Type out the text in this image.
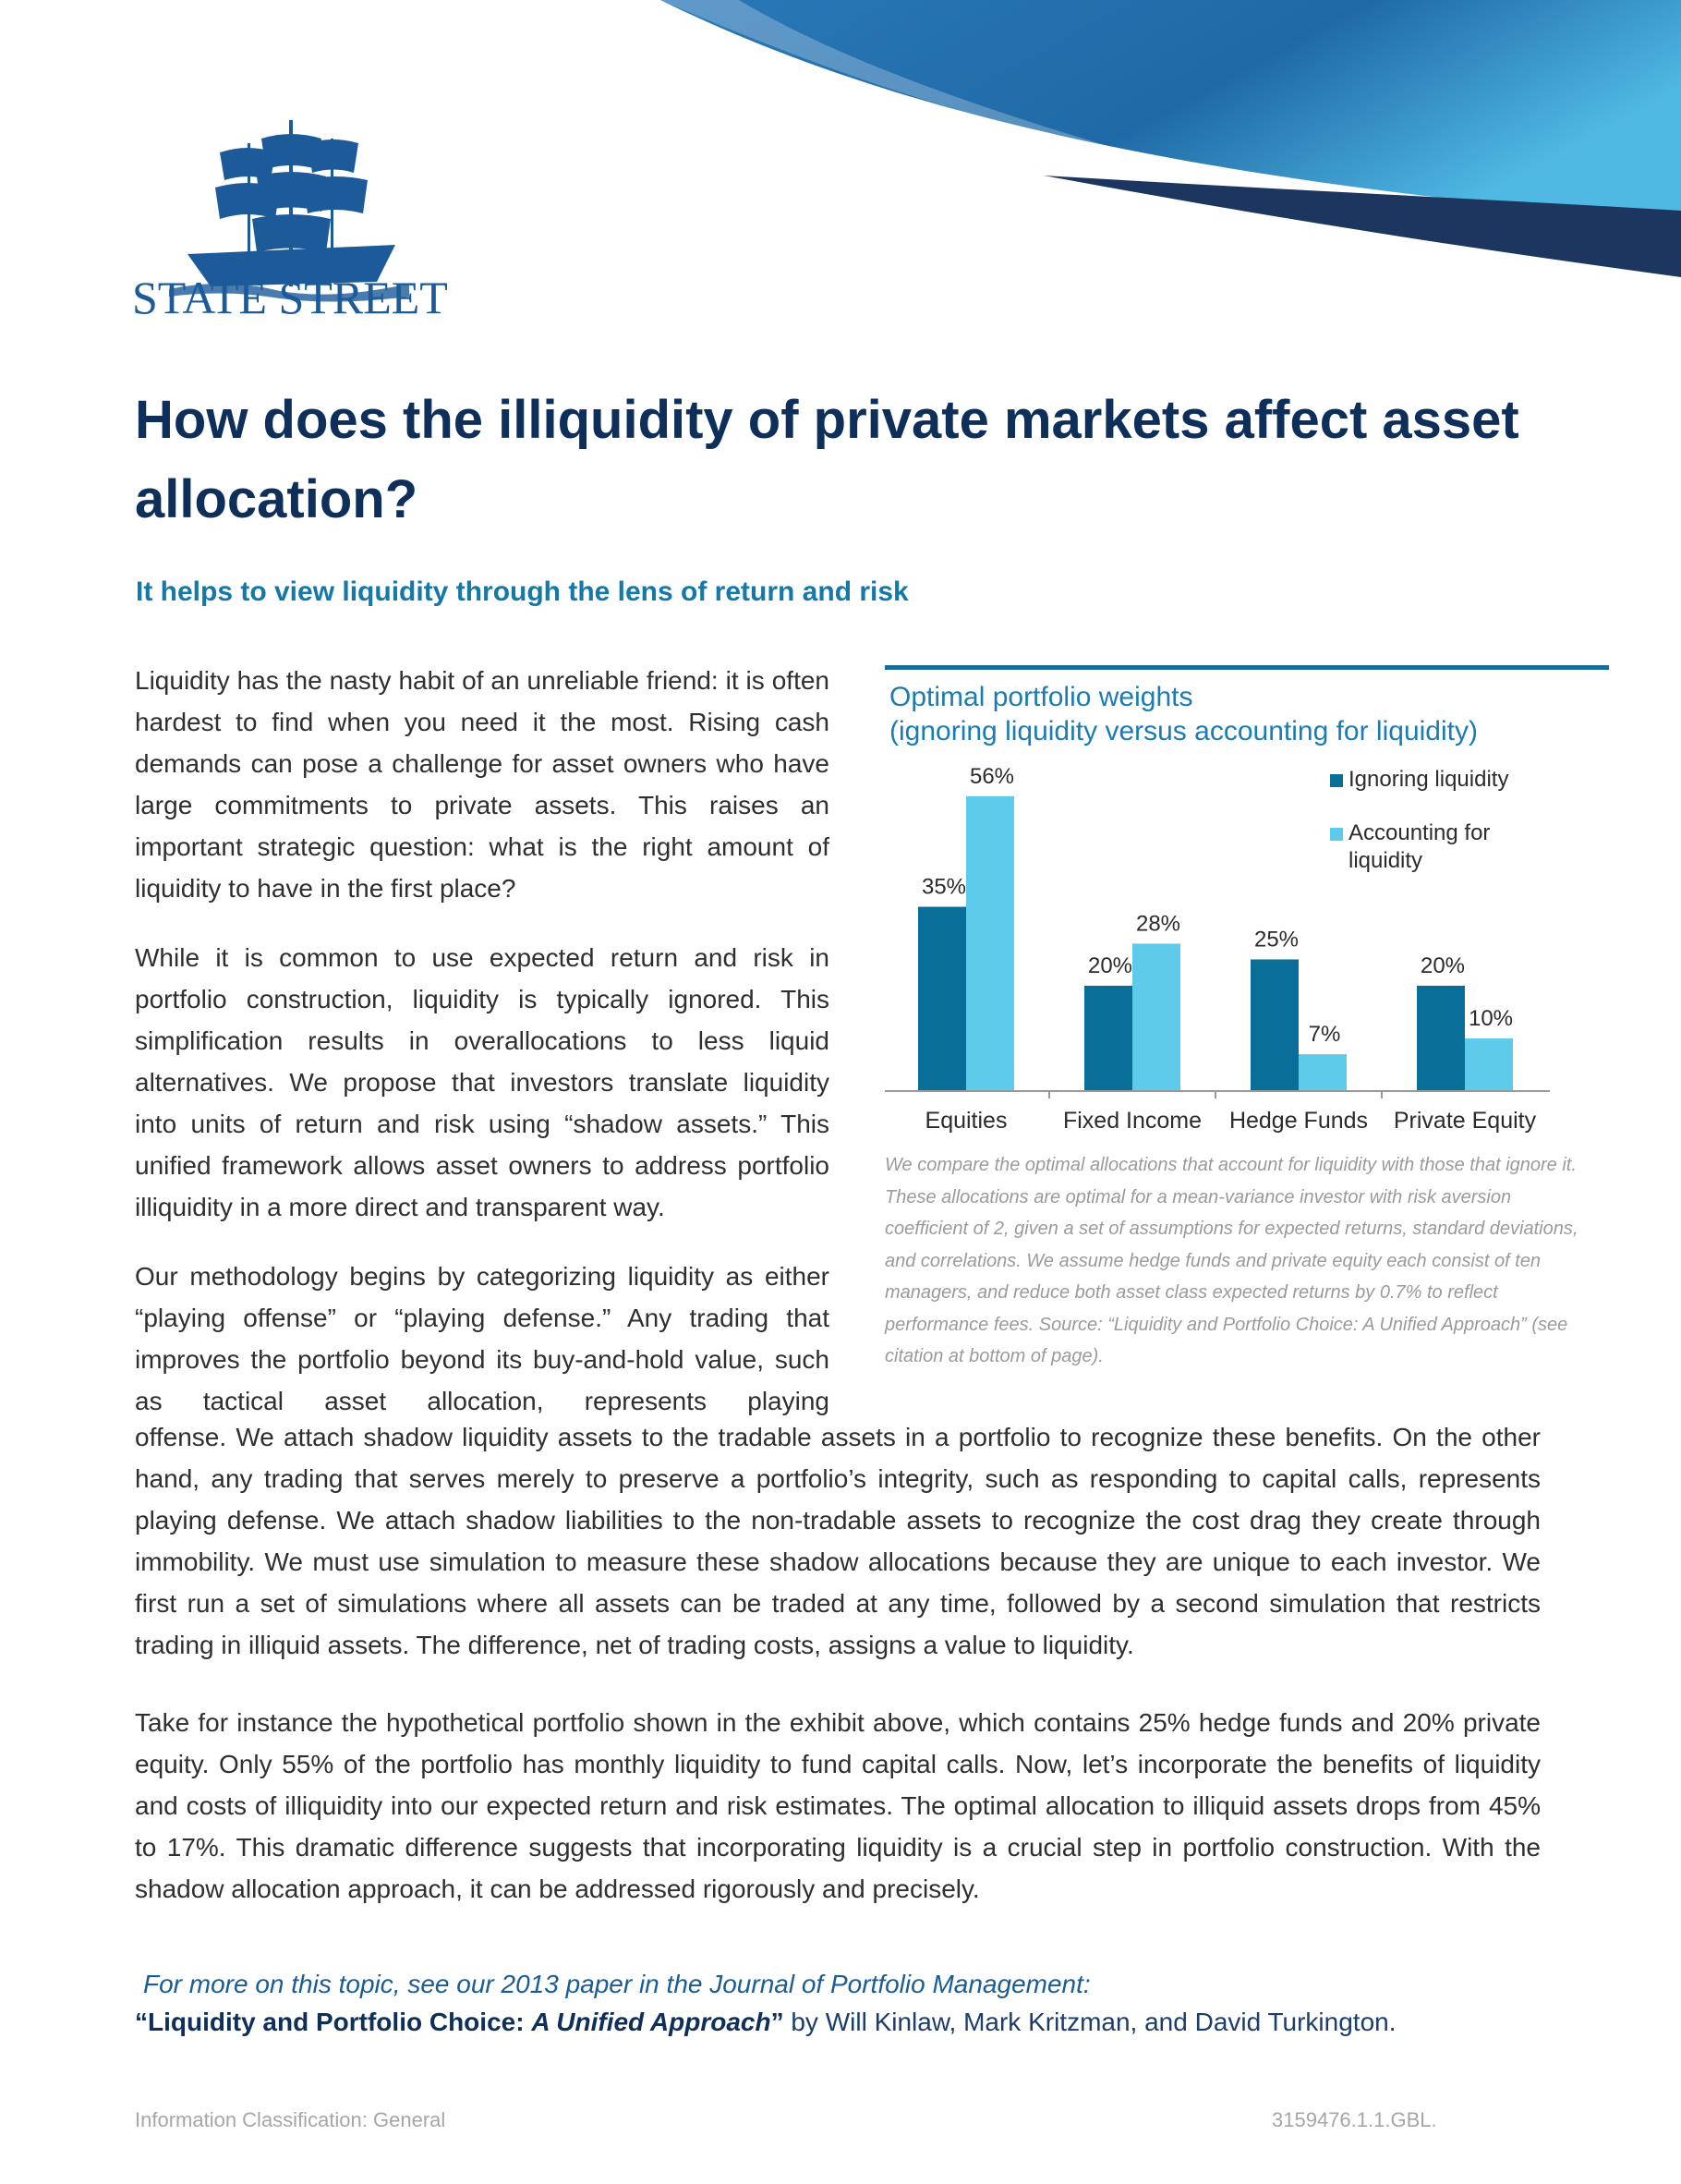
STATE STREET
How does the illiquidity of private markets affect asset allocation?
It helps to view liquidity through the lens of return and risk

Liquidity has the nasty habit of an unreliable friend: it is often hardest to find when you need it the most. Rising cash demands can pose a challenge for asset owners who have large commitments to private assets. This raises an important strategic question: what is the right amount of liquidity to have in the first place?

While it is common to use expected return and risk in portfolio construction, liquidity is typically ignored. This simplification results in overallocations to less liquid alternatives. We propose that investors translate liquidity into units of return and risk using “shadow assets.” This unified framework allows asset owners to address portfolio illiquidity in a more direct and transparent way.

Our methodology begins by categorizing liquidity as either “playing offense” or “playing defense.” Any trading that improves the portfolio beyond its buy-and-hold value, such as tactical asset allocation, represents playing

offense. We attach shadow liquidity assets to the tradable assets in a portfolio to recognize these benefits. On the other hand, any trading that serves merely to preserve a portfolio’s integrity, such as responding to capital calls, represents playing defense. We attach shadow liabilities to the non-tradable assets to recognize the cost drag they create through immobility. We must use simulation to measure these shadow allocations because they are unique to each investor. We first run a set of simulations where all assets can be traded at any time, followed by a second simulation that restricts trading in illiquid assets. The difference, net of trading costs, assigns a value to liquidity.

Take for instance the hypothetical portfolio shown in the exhibit above, which contains 25% hedge funds and 20% private equity. Only 55% of the portfolio has monthly liquidity to fund capital calls. Now, let’s incorporate the benefits of liquidity and costs of illiquidity into our expected return and risk estimates. The optimal allocation to illiquid assets drops from 45% to 17%. This dramatic difference suggests that incorporating liquidity is a crucial step in portfolio construction. With the shadow allocation approach, it can be addressed rigorously and precisely.

Optimal portfolio weights
(ignoring liquidity versus accounting for liquidity)

35%
56%
Equities
20%
28%
Fixed Income
25%
7%
Hedge Funds
20%
10%
Private Equity
Ignoring liquidity
Accounting for liquidity

We compare the optimal allocations that account for liquidity with those that ignore it. These allocations are optimal for a mean-variance investor with risk aversion coefficient of 2, given a set of assumptions for expected returns, standard deviations, and correlations. We assume hedge funds and private equity each consist of ten managers, and reduce both asset class expected returns by 0.7% to reflect performance fees. Source: “Liquidity and Portfolio Choice: A Unified Approach” (see citation at bottom of page).

For more on this topic, see our 2013 paper in the Journal of Portfolio Management:

“Liquidity and Portfolio Choice: A Unified Approach” by Will Kinlaw, Mark Kritzman, and David Turkington.

Information Classification: General	3159476.1.1.GBL.
